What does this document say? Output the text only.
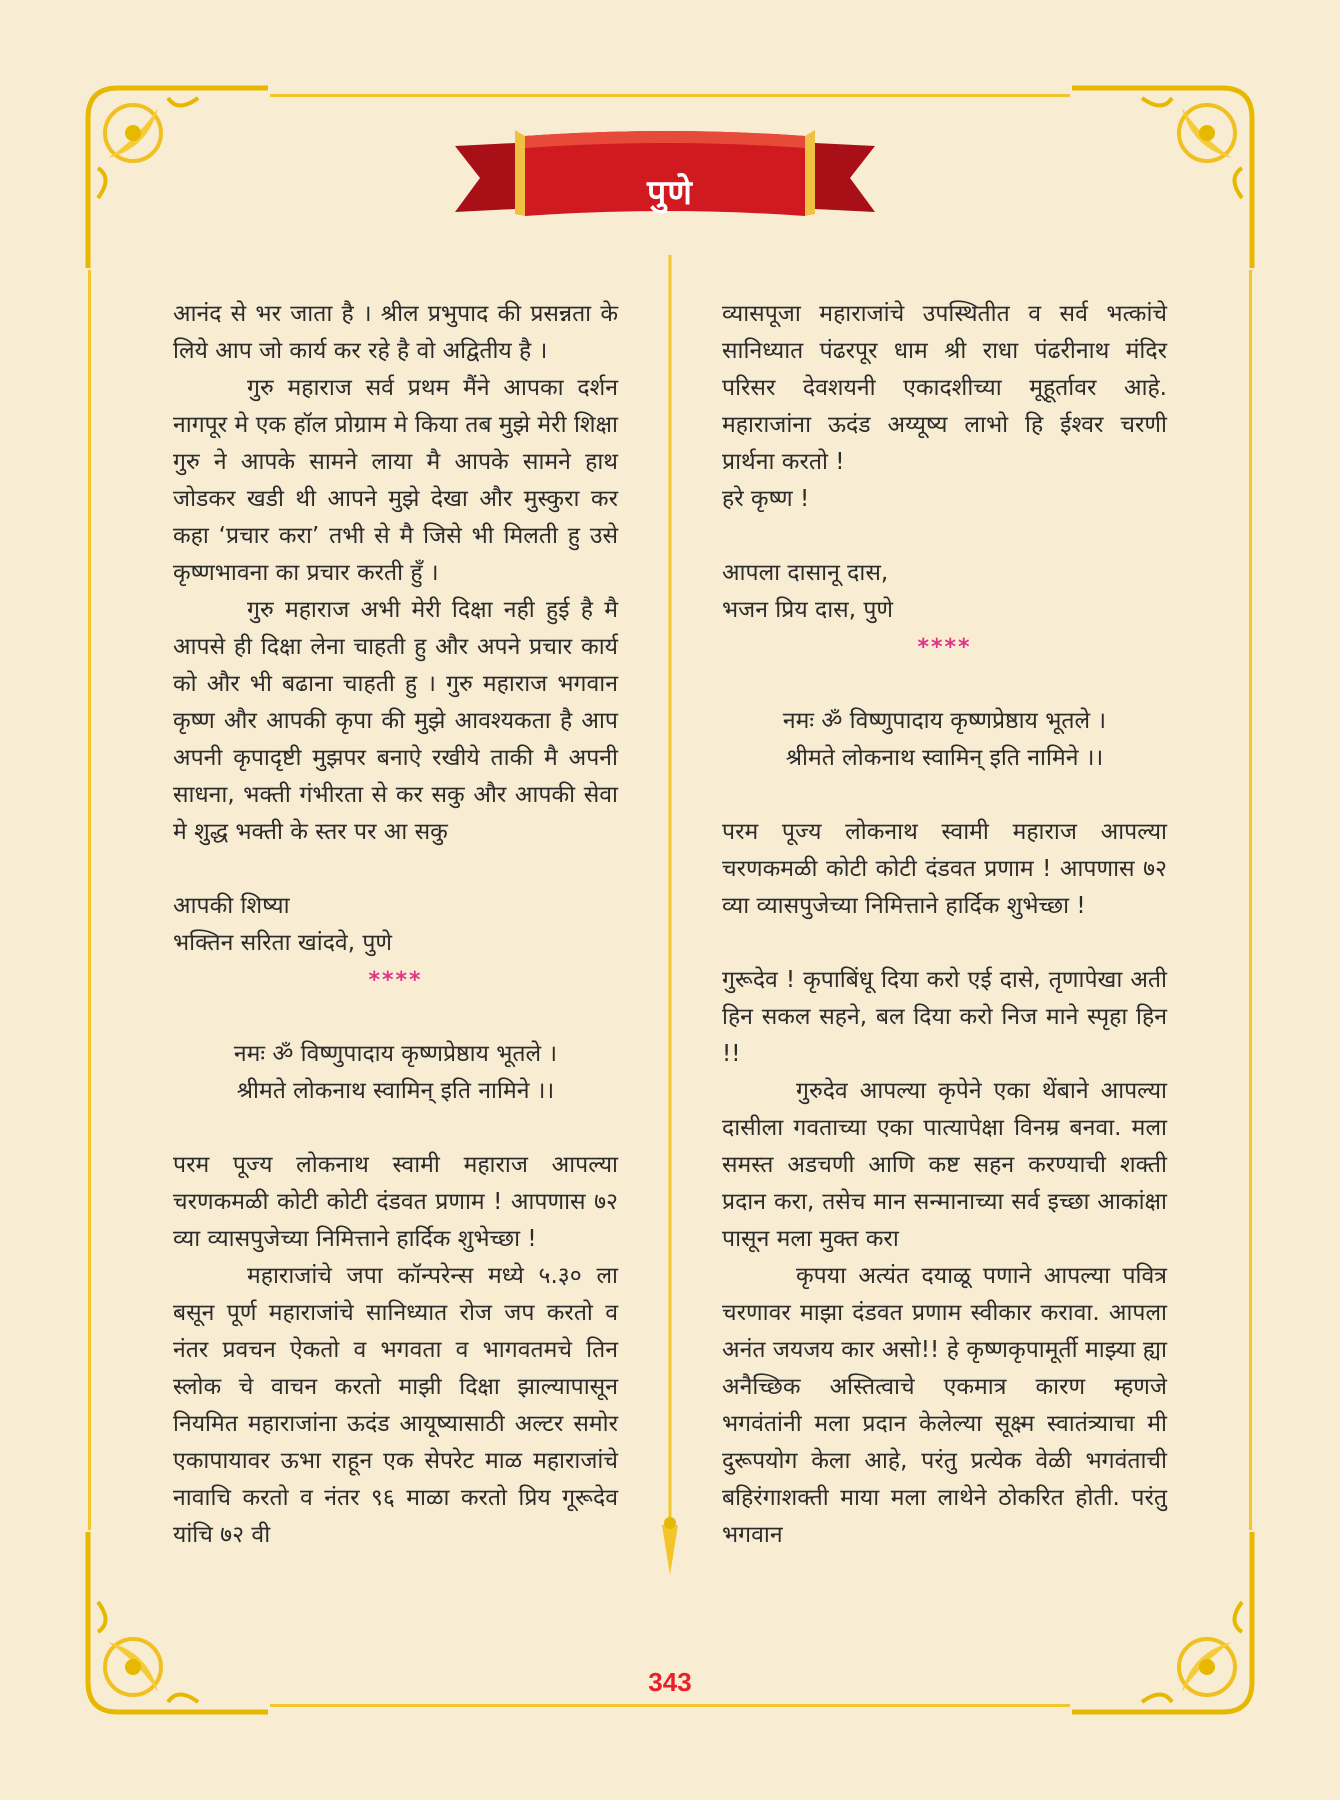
पुणे

आनंद से भर जाता है । श्रील प्रभुपाद की प्रसन्नता के लिये आप जो कार्य कर रहे है वो अद्वितीय है ।

गुरु महाराज सर्व प्रथम मैंने आपका दर्शन नागपूर मे एक हॉल प्रोग्राम मे किया तब मुझे मेरी शिक्षा गुरु ने आपके सामने लाया मै आपके सामने हाथ जोडकर खडी थी आपने मुझे देखा और मुस्कुरा कर कहा ‘प्रचार करा’ तभी से मै जिसे भी मिलती हु उसे कृष्णभावना का प्रचार करती हुँ ।

गुरु महाराज अभी मेरी दिक्षा नही हुई है मै आपसे ही दिक्षा लेना चाहती हु और अपने प्रचार कार्य को और भी बढाना चाहती हु । गुरु महाराज भगवान कृष्ण और आपकी कृपा की मुझे आवश्यकता है आप अपनी कृपादृष्टी मुझपर बनाऐ रखीये ताकी मै अपनी साधना, भक्ती गंभीरता से कर सकु और आपकी सेवा मे शुद्ध भक्ती के स्तर पर आ सकु

आपकी शिष्या

भक्तिन सरिता खांदवे, पुणे

****

नमः ॐ विष्णुपादाय कृष्णप्रेष्ठाय भूतले ।

श्रीमते लोकनाथ स्वामिन् इति नामिने ।।

परम पूज्य लोकनाथ स्वामी महाराज आपल्या चरणकमळी कोटी कोटी दंडवत प्रणाम ! आपणास ७२ व्या व्यासपुजेच्या निमित्ताने हार्दिक शुभेच्छा !

महाराजांचे जपा कॉन्परेन्स मध्ये ५.३० ला बसून पूर्ण महाराजांचे सानिध्यात रोज जप करतो व नंतर प्रवचन ऐकतो व भगवता व भागवतमचे तिन स्लोक चे वाचन करतो माझी दिक्षा झाल्यापासून नियमित महाराजांना ऊदंड आयूष्यासाठी अल्टर समोर एकापायावर ऊभा राहून एक सेपरेट माळ महाराजांचे नावाचि करतो व नंतर ९६ माळा करतो प्रिय गूरूदेव यांचि ७२ वी

व्यासपूजा महाराजांचे उपस्थितीत व सर्व भत्कांचे सानिध्यात पंढरपूर धाम श्री राधा पंढरीनाथ मंदिर परिसर देवशयनी एकादशीच्या मूहूर्तावर आहे. महाराजांना ऊदंड अय्यूष्य लाभो हि ईश्वर चरणी प्रार्थना करतो !

हरे कृष्ण !

आपला दासानू दास,

भजन प्रिय दास, पुणे

****

नमः ॐ विष्णुपादाय कृष्णप्रेष्ठाय भूतले ।

श्रीमते लोकनाथ स्वामिन् इति नामिने ।।

परम पूज्य लोकनाथ स्वामी महाराज आपल्या चरणकमळी कोटी कोटी दंडवत प्रणाम ! आपणास ७२ व्या व्यासपुजेच्या निमित्ताने हार्दिक शुभेच्छा !

गुरूदेव ! कृपाबिंधू दिया करो एई दासे, तृणापेखा अती हिन सकल सहने, बल दिया करो निज माने स्पृहा हिन !!

गुरुदेव आपल्या कृपेने एका थेंबाने आपल्या दासीला गवताच्या एका पात्यापेक्षा विनम्र बनवा. मला समस्त अडचणी आणि कष्ट सहन करण्याची शक्ती प्रदान करा, तसेच मान सन्मानाच्या सर्व इच्छा आकांक्षा पासून मला मुक्त करा

कृपया अत्यंत दयाळू पणाने आपल्या पवित्र चरणावर माझा दंडवत प्रणाम स्वीकार करावा. आपला अनंत जयजय कार असो!! हे कृष्णकृपामूर्ती माझ्या ह्या अनैच्छिक अस्तित्वाचे एकमात्र कारण म्हणजे भगवंतांनी मला प्रदान केलेल्या सूक्ष्म स्वातंत्र्याचा मी दुरूपयोग केला आहे, परंतु प्रत्येक वेळी भगवंताची बहिरंगाशक्ती माया मला लाथेने ठोकरित होती. परंतु भगवान

343
